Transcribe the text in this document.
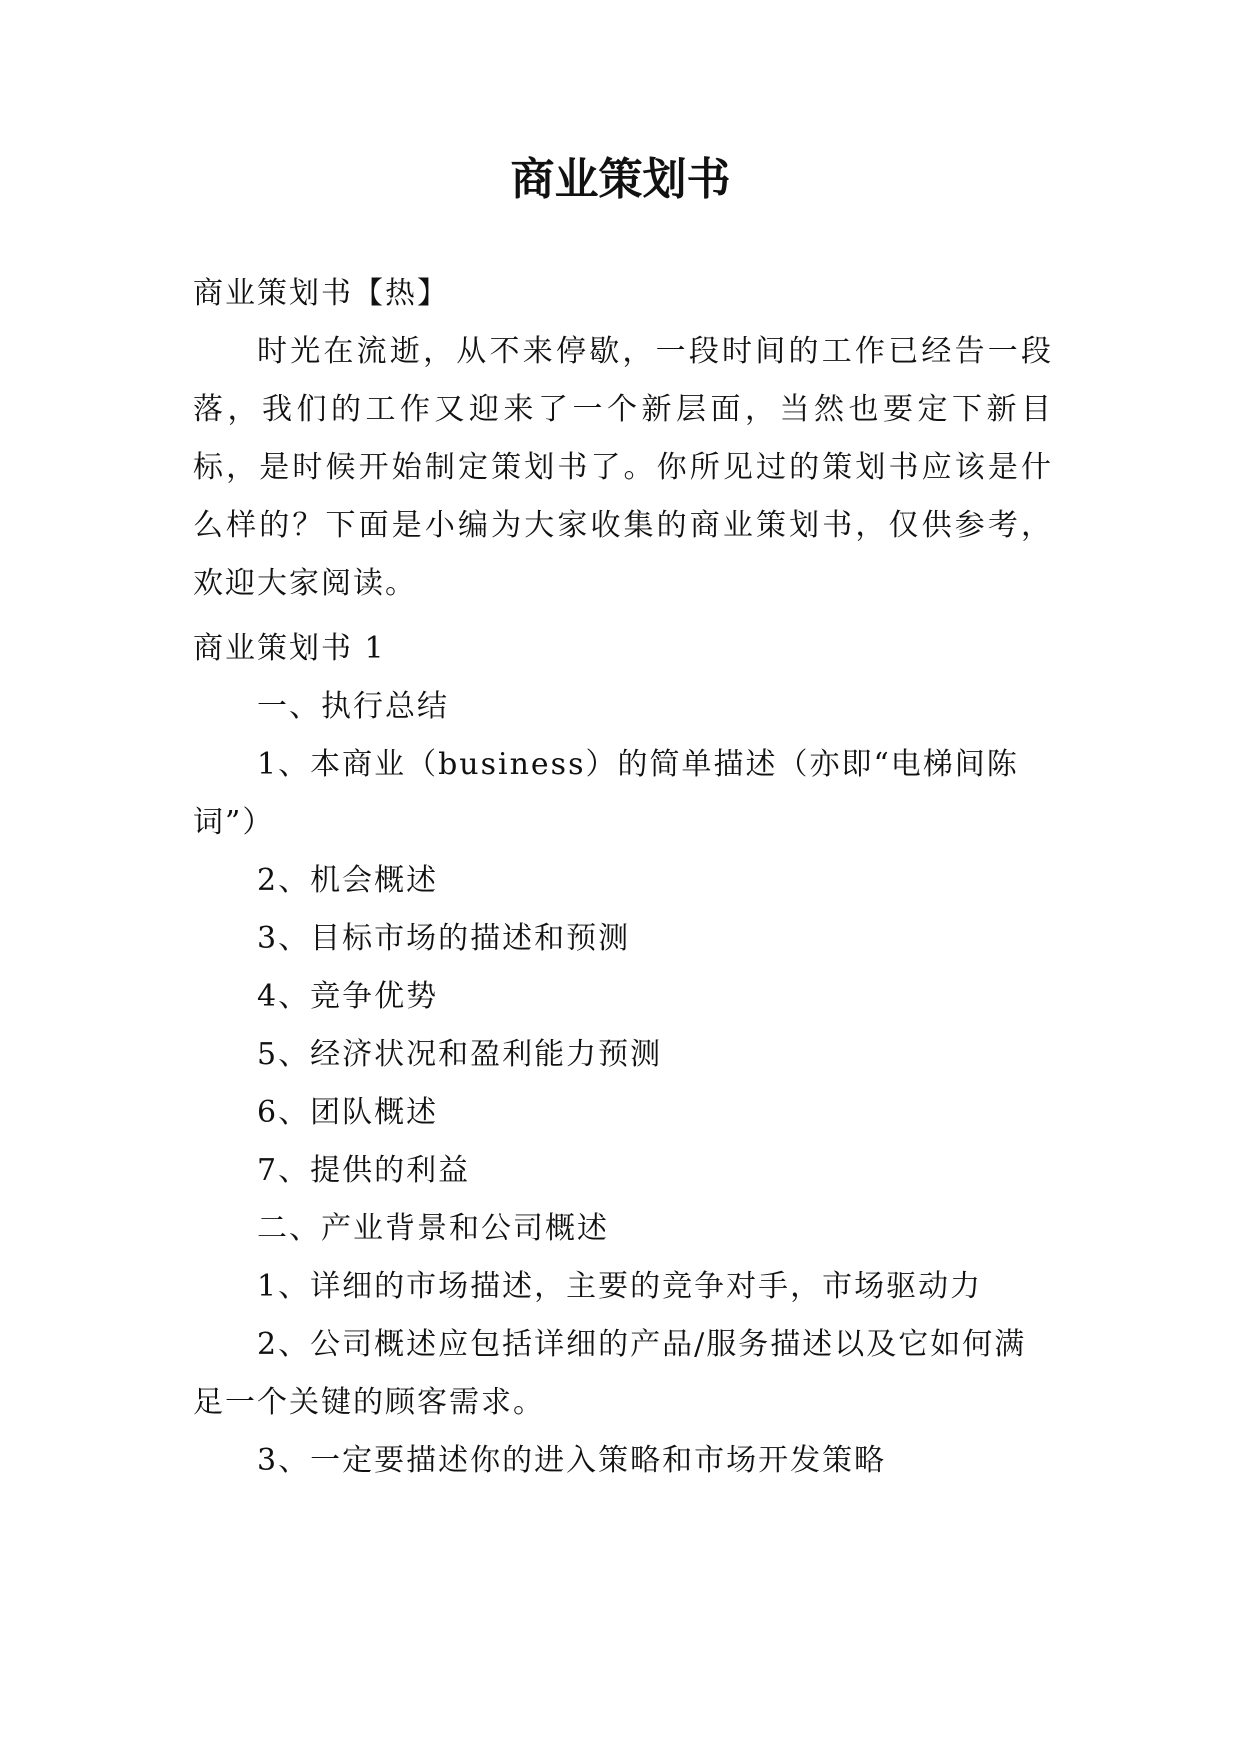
商业策划书
商业策划书【热】
时光在流逝，从不来停歇，一段时间的工作已经告一段落，我们的工作又迎来了一个新层面，当然也要定下新目标，是时候开始制定策划书了。你所见过的策划书应该是什么样的？下面是小编为大家收集的商业策划书，仅供参考，欢迎大家阅读。
商业策划书 1
一、执行总结
1、本商业（business）的简单描述（亦即“电梯间陈词”）
2、机会概述
3、目标市场的描述和预测
4、竞争优势
5、经济状况和盈利能力预测
6、团队概述
7、提供的利益
二、产业背景和公司概述
1、详细的市场描述，主要的竞争对手，市场驱动力
2、公司概述应包括详细的产品/服务描述以及它如何满足一个关键的顾客需求。
3、一定要描述你的进入策略和市场开发策略
